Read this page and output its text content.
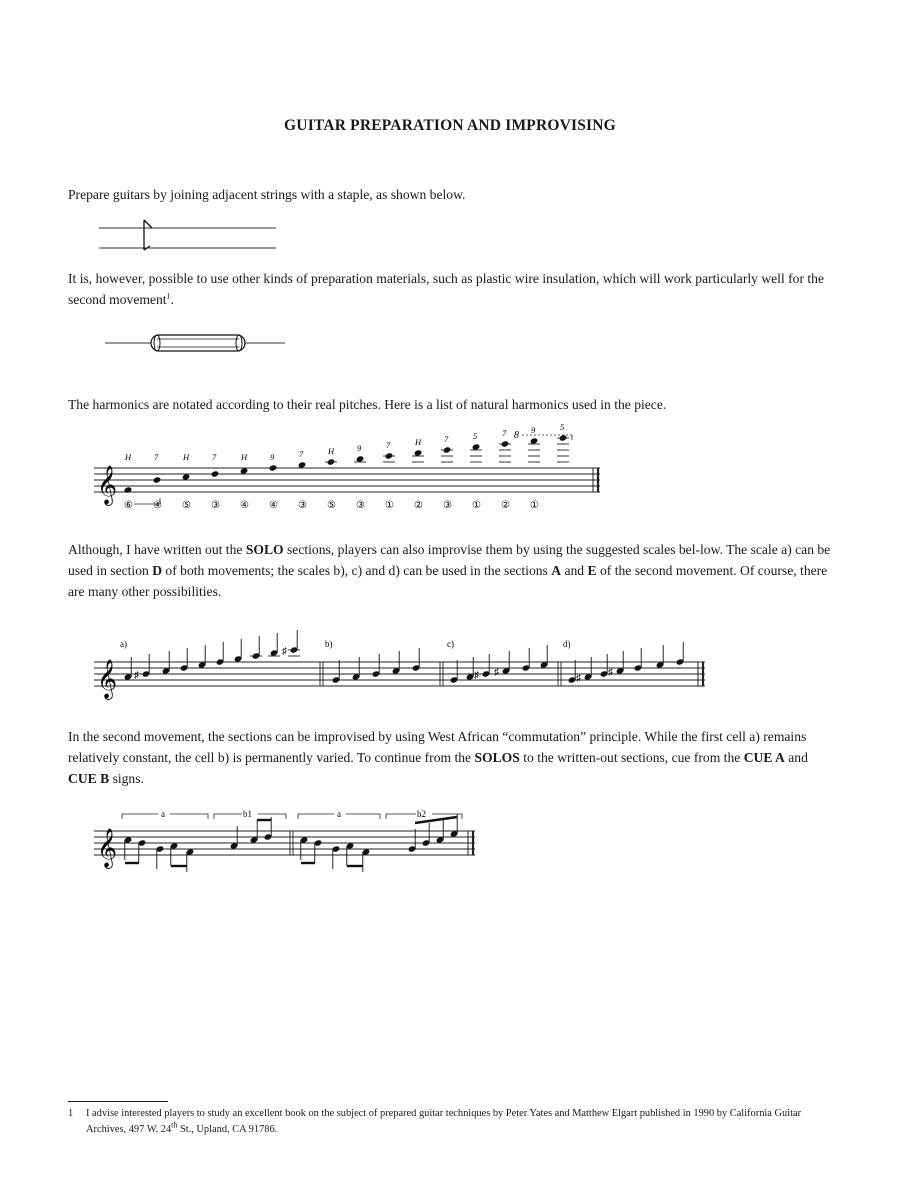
GUITAR PREPARATION AND IMPROVISING
Prepare guitars by joining adjacent strings with a staple, as shown below.
It is, however, possible to use other kinds of preparation materials, such as plastic wire insulation, which will work particularly well for the second movement$^1$.
The harmonics are notated according to their real pitches. Here is a list of natural harmonics used in the piece.
𝄞
H	7	H	7	H	9	7	H	9	7	H	7	5	7	9	5
⑥ ④ ⑤ ③ ④ ④ ③ ⑤ ③ ① ② ③ ① ② ①
8
Although, I have written out the SOLO sections, players can also improvise them by using the suggested scales bel-low. The scale a) can be used in section D of both movements; the scales b), c) and d) can be used in the sections A and E of the second movement. Of course, there are many other possibilities.
𝄞
a)	b)	c)	d)
♯
♯
♯ ♯
♯
♯
In the second movement, the sections can be improvised by using West African “commutation” principle. While the first cell a) remains relatively constant, the cell b) is permanently varied. To continue from the SOLOS to the written-out sections, cue from the CUE A and CUE B signs.
𝄞
a	b1	a	b2
1 I advise interested players to study an excellent book on the subject of prepared guitar techniques by Peter Yates and Matthew Elgart published in 1990 by California Guitar Archives, 497 W. 24th St., Upland, CA 91786.
